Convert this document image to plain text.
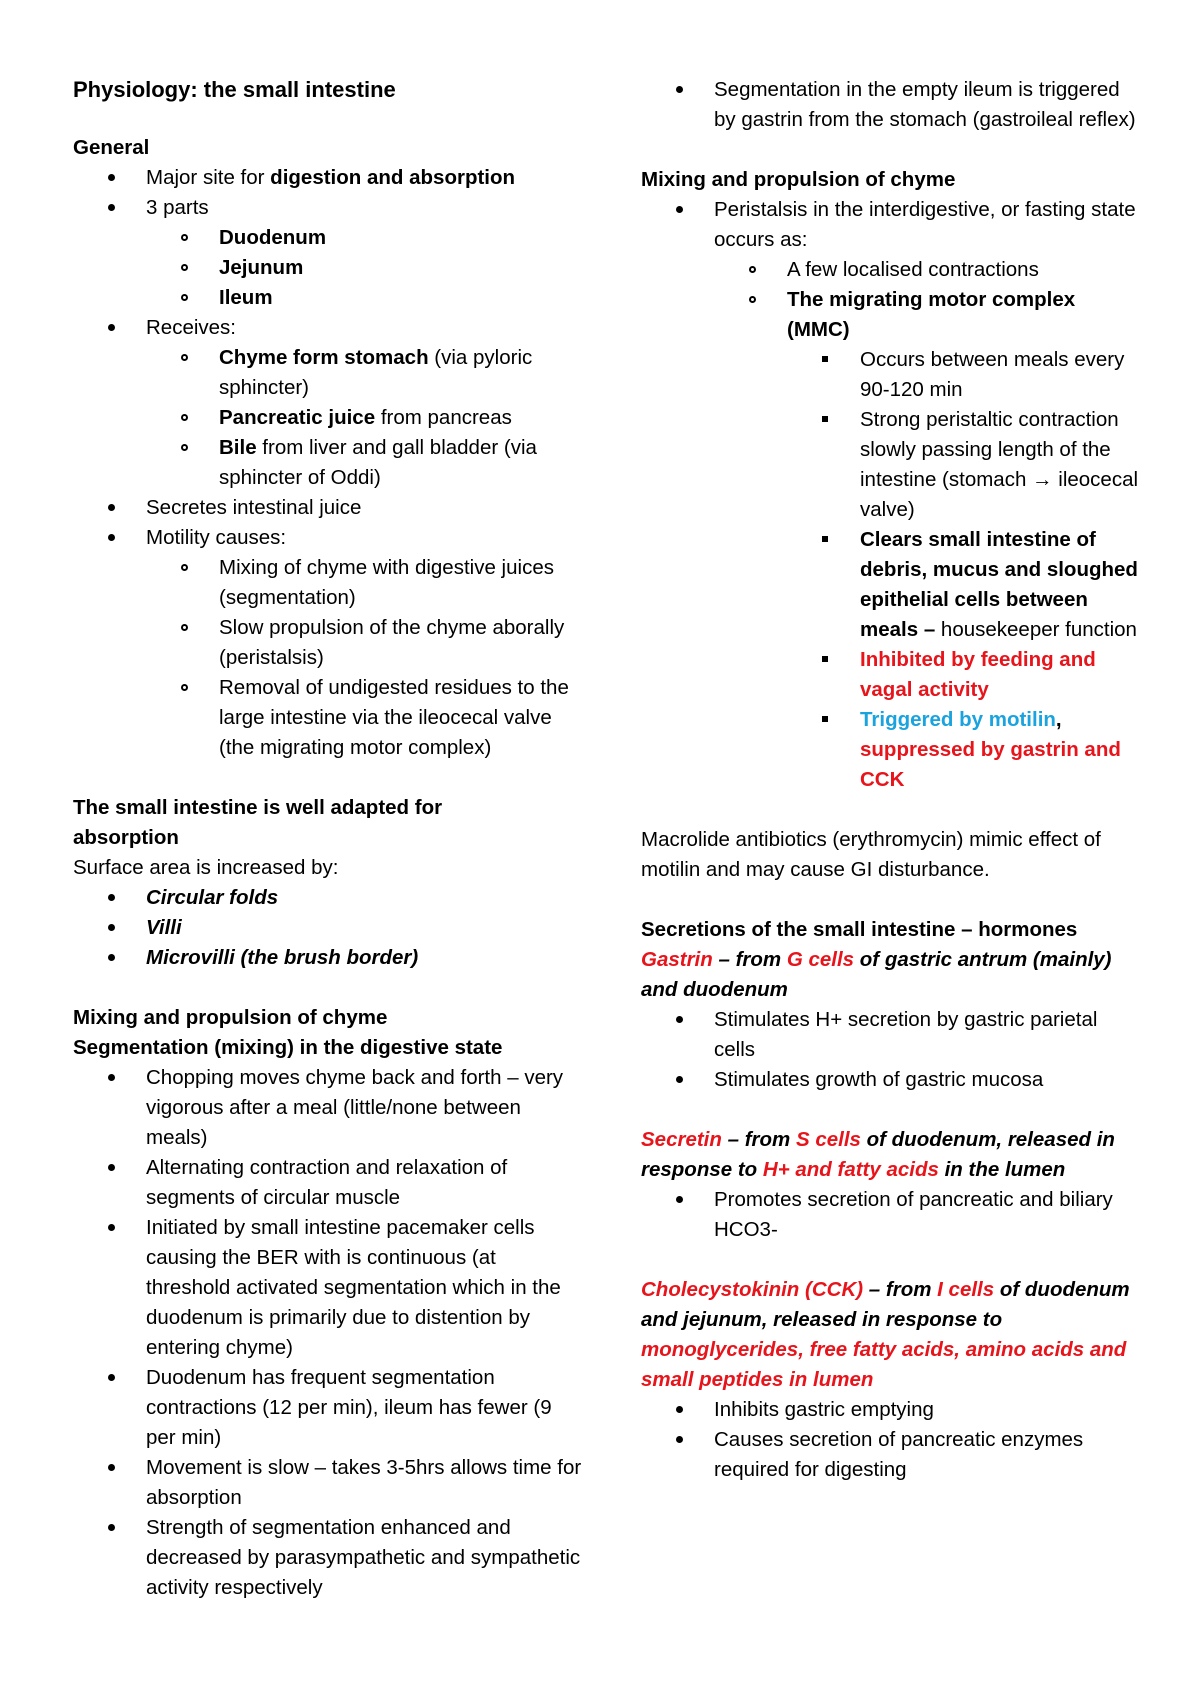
Physiology: the small intestine

General

Major site for digestion and absorption
3 parts
Duodenum
Jejunum
Ileum
Receives:
Chyme form stomach (via pyloric sphincter)
Pancreatic juice from pancreas
Bile from liver and gall bladder (via sphincter of Oddi)
Secretes intestinal juice
Motility causes:
Mixing of chyme with digestive juices (segmentation)
Slow propulsion of the chyme aborally (peristalsis)
Removal of undigested residues to the large intestine via the ileocecal valve (the migrating motor complex)

The small intestine is well adapted for absorption

Surface area is increased by:

Circular folds
Villi
Microvilli (the brush border)

Mixing and propulsion of chyme

Segmentation (mixing) in the digestive state

Chopping moves chyme back and forth – very vigorous after a meal (little/none between meals)
Alternating contraction and relaxation of segments of circular muscle
Initiated by small intestine pacemaker cells causing the BER with is continuous (at threshold activated segmentation which in the duodenum is primarily due to distention by entering chyme)
Duodenum has frequent segmentation contractions (12 per min), ileum has fewer (9 per min)
Movement is slow – takes 3-5hrs allows time for absorption
Strength of segmentation enhanced and decreased by parasympathetic and sympathetic activity respectively
Segmentation in the empty ileum is triggered by gastrin from the stomach (gastroileal reflex)

Mixing and propulsion of chyme

Peristalsis in the interdigestive, or fasting state occurs as:
A few localised contractions
The migrating motor complex (MMC)
Occurs between meals every 90-120 min
Strong peristaltic contraction slowly passing length of the intestine (stomach → ileocecal valve)
Clears small intestine of debris, mucus and sloughed epithelial cells between meals – housekeeper function
Inhibited by feeding and vagal activity
Triggered by motilin, suppressed by gastrin and CCK

Macrolide antibiotics (erythromycin) mimic effect of motilin and may cause GI disturbance.

Secretions of the small intestine – hormones

Gastrin – from G cells of gastric antrum (mainly) and duodenum

Stimulates H+ secretion by gastric parietal cells
Stimulates growth of gastric mucosa

Secretin – from S cells of duodenum, released in response to H+ and fatty acids in the lumen

Promotes secretion of pancreatic and biliary HCO3-

Cholecystokinin (CCK) – from I cells of duodenum and jejunum, released in response to monoglycerides, free fatty acids, amino acids and small peptides in lumen

Inhibits gastric emptying
Causes secretion of pancreatic enzymes required for digesting
